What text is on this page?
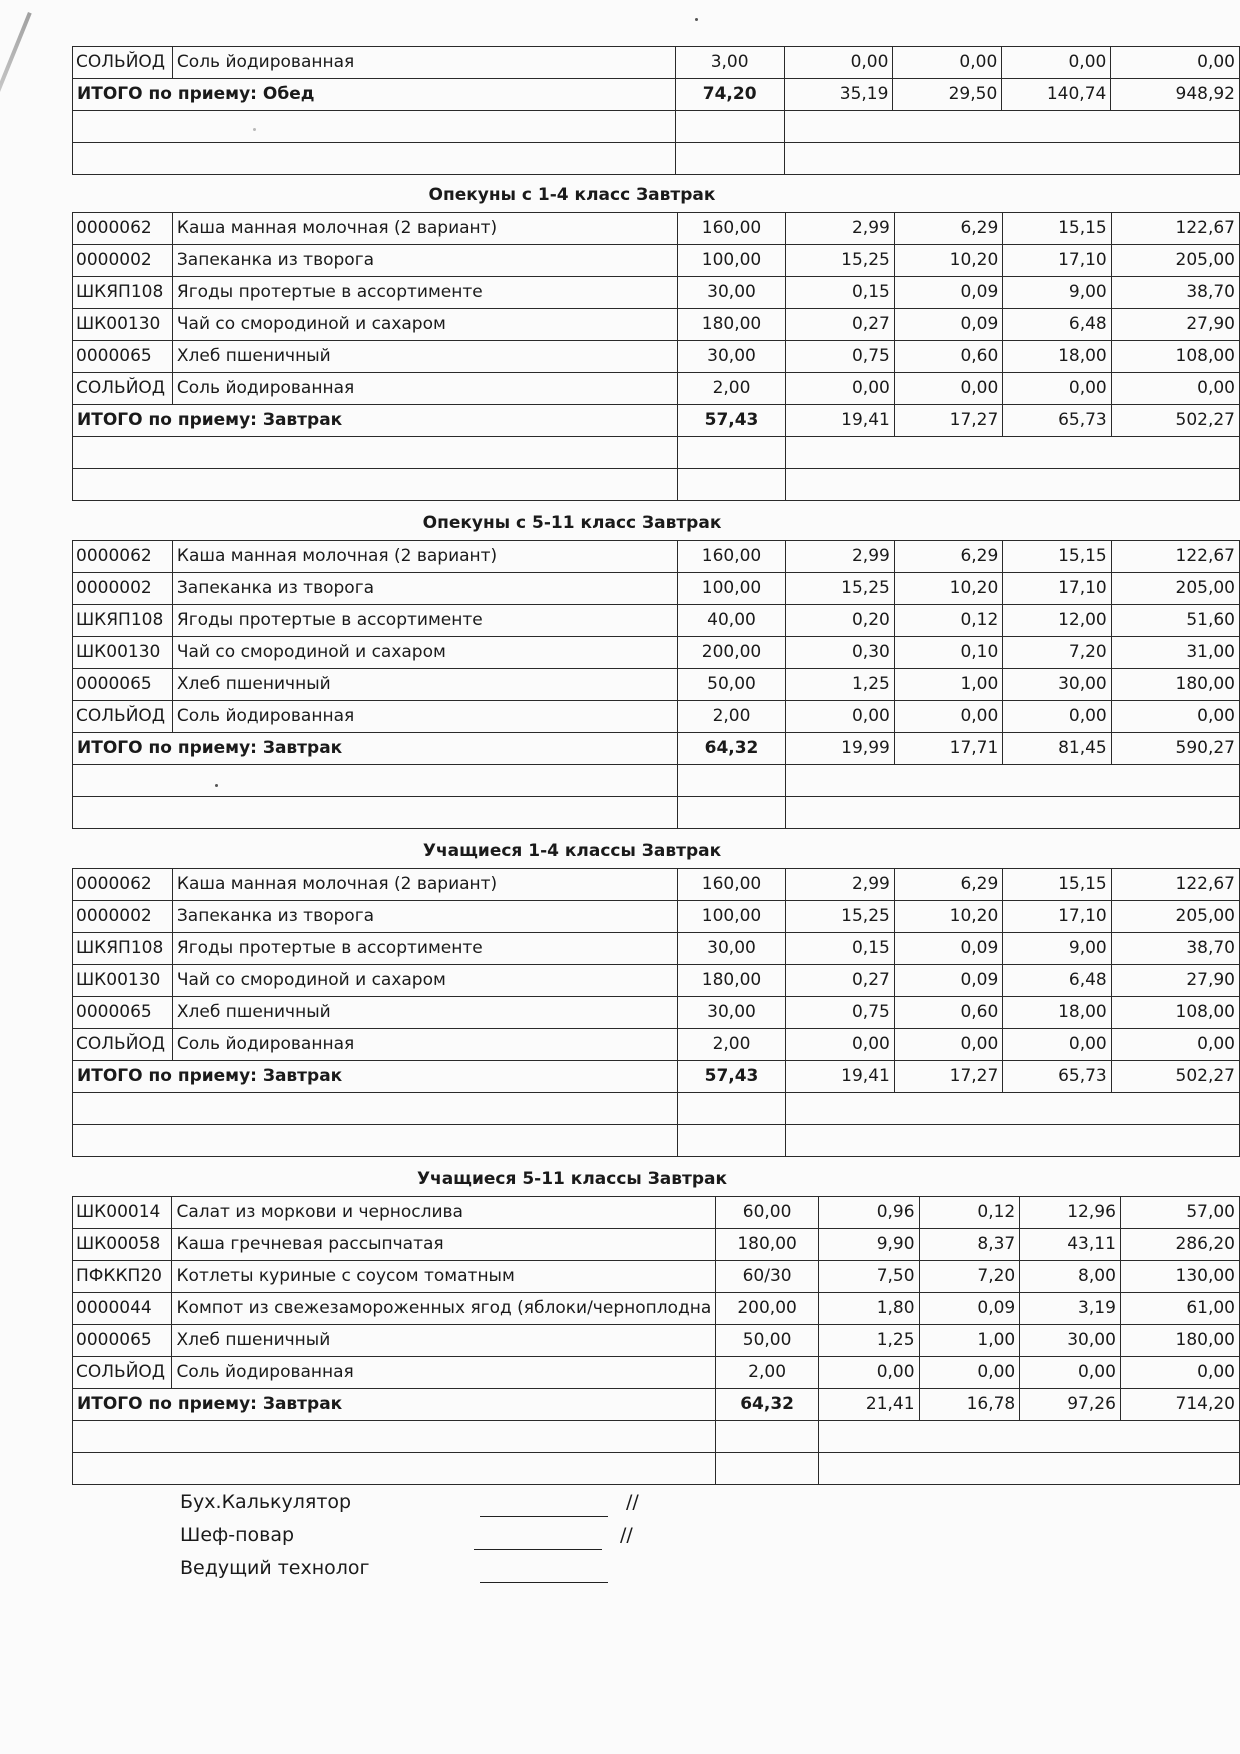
СОЛЬЙОД	Соль йодированная	3,00	0,00	0,00	0,00	0,00
ИТОГО по приему: Обед		74,20	35,19	29,50	140,74	948,92

Опекуны с 1-4 класс Завтрак
0000062	Каша манная молочная (2 вариант)	160,00	2,99	6,29	15,15	122,67
0000002	Запеканка из творога	100,00	15,25	10,20	17,10	205,00
ШКЯП108	Ягоды протертые в ассортименте	30,00	0,15	0,09	9,00	38,70
ШК00130	Чай со смородиной и сахаром	180,00	0,27	0,09	6,48	27,90
0000065	Хлеб пшеничный	30,00	0,75	0,60	18,00	108,00
СОЛЬЙОД	Соль йодированная	2,00	0,00	0,00	0,00	0,00
ИТОГО по приему: Завтрак		57,43	19,41	17,27	65,73	502,27

Опекуны с 5-11 класс Завтрак
0000062	Каша манная молочная (2 вариант)	160,00	2,99	6,29	15,15	122,67
0000002	Запеканка из творога	100,00	15,25	10,20	17,10	205,00
ШКЯП108	Ягоды протертые в ассортименте	40,00	0,20	0,12	12,00	51,60
ШК00130	Чай со смородиной и сахаром	200,00	0,30	0,10	7,20	31,00
0000065	Хлеб пшеничный	50,00	1,25	1,00	30,00	180,00
СОЛЬЙОД	Соль йодированная	2,00	0,00	0,00	0,00	0,00
ИТОГО по приему: Завтрак		64,32	19,99	17,71	81,45	590,27

Учащиеся 1-4 классы Завтрак
0000062	Каша манная молочная (2 вариант)	160,00	2,99	6,29	15,15	122,67
0000002	Запеканка из творога	100,00	15,25	10,20	17,10	205,00
ШКЯП108	Ягоды протертые в ассортименте	30,00	0,15	0,09	9,00	38,70
ШК00130	Чай со смородиной и сахаром	180,00	0,27	0,09	6,48	27,90
0000065	Хлеб пшеничный	30,00	0,75	0,60	18,00	108,00
СОЛЬЙОД	Соль йодированная	2,00	0,00	0,00	0,00	0,00
ИТОГО по приему: Завтрак		57,43	19,41	17,27	65,73	502,27

Учащиеся 5-11 классы Завтрак
ШК00014	Салат из моркови и чернослива	60,00	0,96	0,12	12,96	57,00
ШК00058	Каша гречневая рассыпчатая	180,00	9,90	8,37	43,11	286,20
ПФККП20	Котлеты куриные с соусом томатным	60/30	7,50	7,20	8,00	130,00
0000044	Компот из свежезамороженных ягод (яблоки/черноплодна	200,00	1,80	0,09	3,19	61,00
0000065	Хлеб пшеничный	50,00	1,25	1,00	30,00	180,00
СОЛЬЙОД	Соль йодированная	2,00	0,00	0,00	0,00	0,00
ИТОГО по приему: Завтрак		64,32	21,41	16,78	97,26	714,20

Бух.Калькулятор	//
Шеф-повар	//
Ведущий технолог
